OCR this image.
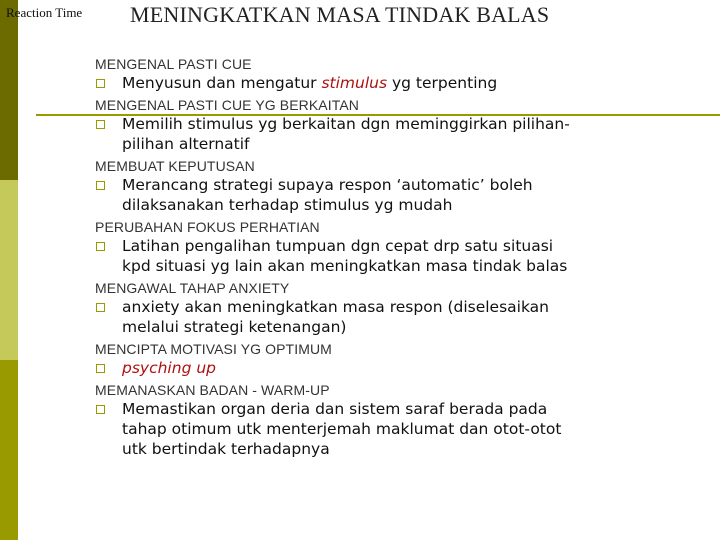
Reaction Time MENINGKATKAN MASA TINDAK BALAS
MENGENAL PASTI CUE
Menyusun dan mengatur stimulus yg terpenting
MENGENAL PASTI CUE YG BERKAITAN
Memilih stimulus yg berkaitan dgn meminggirkan pilihan-
pilihan alternatif
MEMBUAT KEPUTUSAN
Merancang strategi supaya respon ‘automatic’ boleh
dilaksanakan terhadap stimulus yg mudah
PERUBAHAN FOKUS PERHATIAN
Latihan pengalihan tumpuan dgn cepat drp satu situasi
kpd situasi yg lain akan meningkatkan masa tindak balas
MENGAWAL TAHAP ANXIETY
anxiety akan meningkatkan masa respon (diselesaikan
melalui strategi ketenangan)
MENCIPTA MOTIVASI YG OPTIMUM
psyching up
MEMANASKAN BADAN - WARM-UP
Memastikan organ deria dan sistem saraf berada pada
tahap otimum utk menterjemah maklumat dan otot-otot
utk bertindak terhadapnya
